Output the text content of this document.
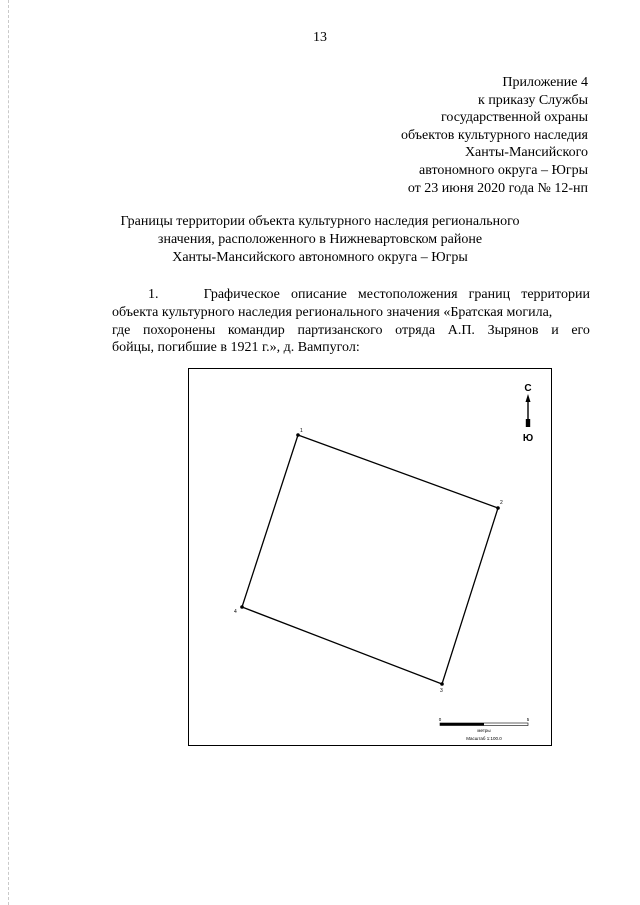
13
Приложение 4
к приказу Службы
государственной охраны
объектов культурного наследия
Ханты-Мансийского
автономного округа – Югры
от 23 июня 2020 года № 12-нп
Границы территории объекта культурного наследия регионального
значения, расположенного в Нижневартовском районе
Ханты-Мансийского автономного округа – Югры
1.	Графическое описание местоположения границ территории
объекта культурного наследия регионального значения «Братская могила,
где похоронены командир партизанского отряда А.П. Зырянов и его
бойцы, погибшие в 1921 г.», д. Вампугол:
1
2
3
4
С
Ю
0	5
метры
Масштаб 1:100.0
